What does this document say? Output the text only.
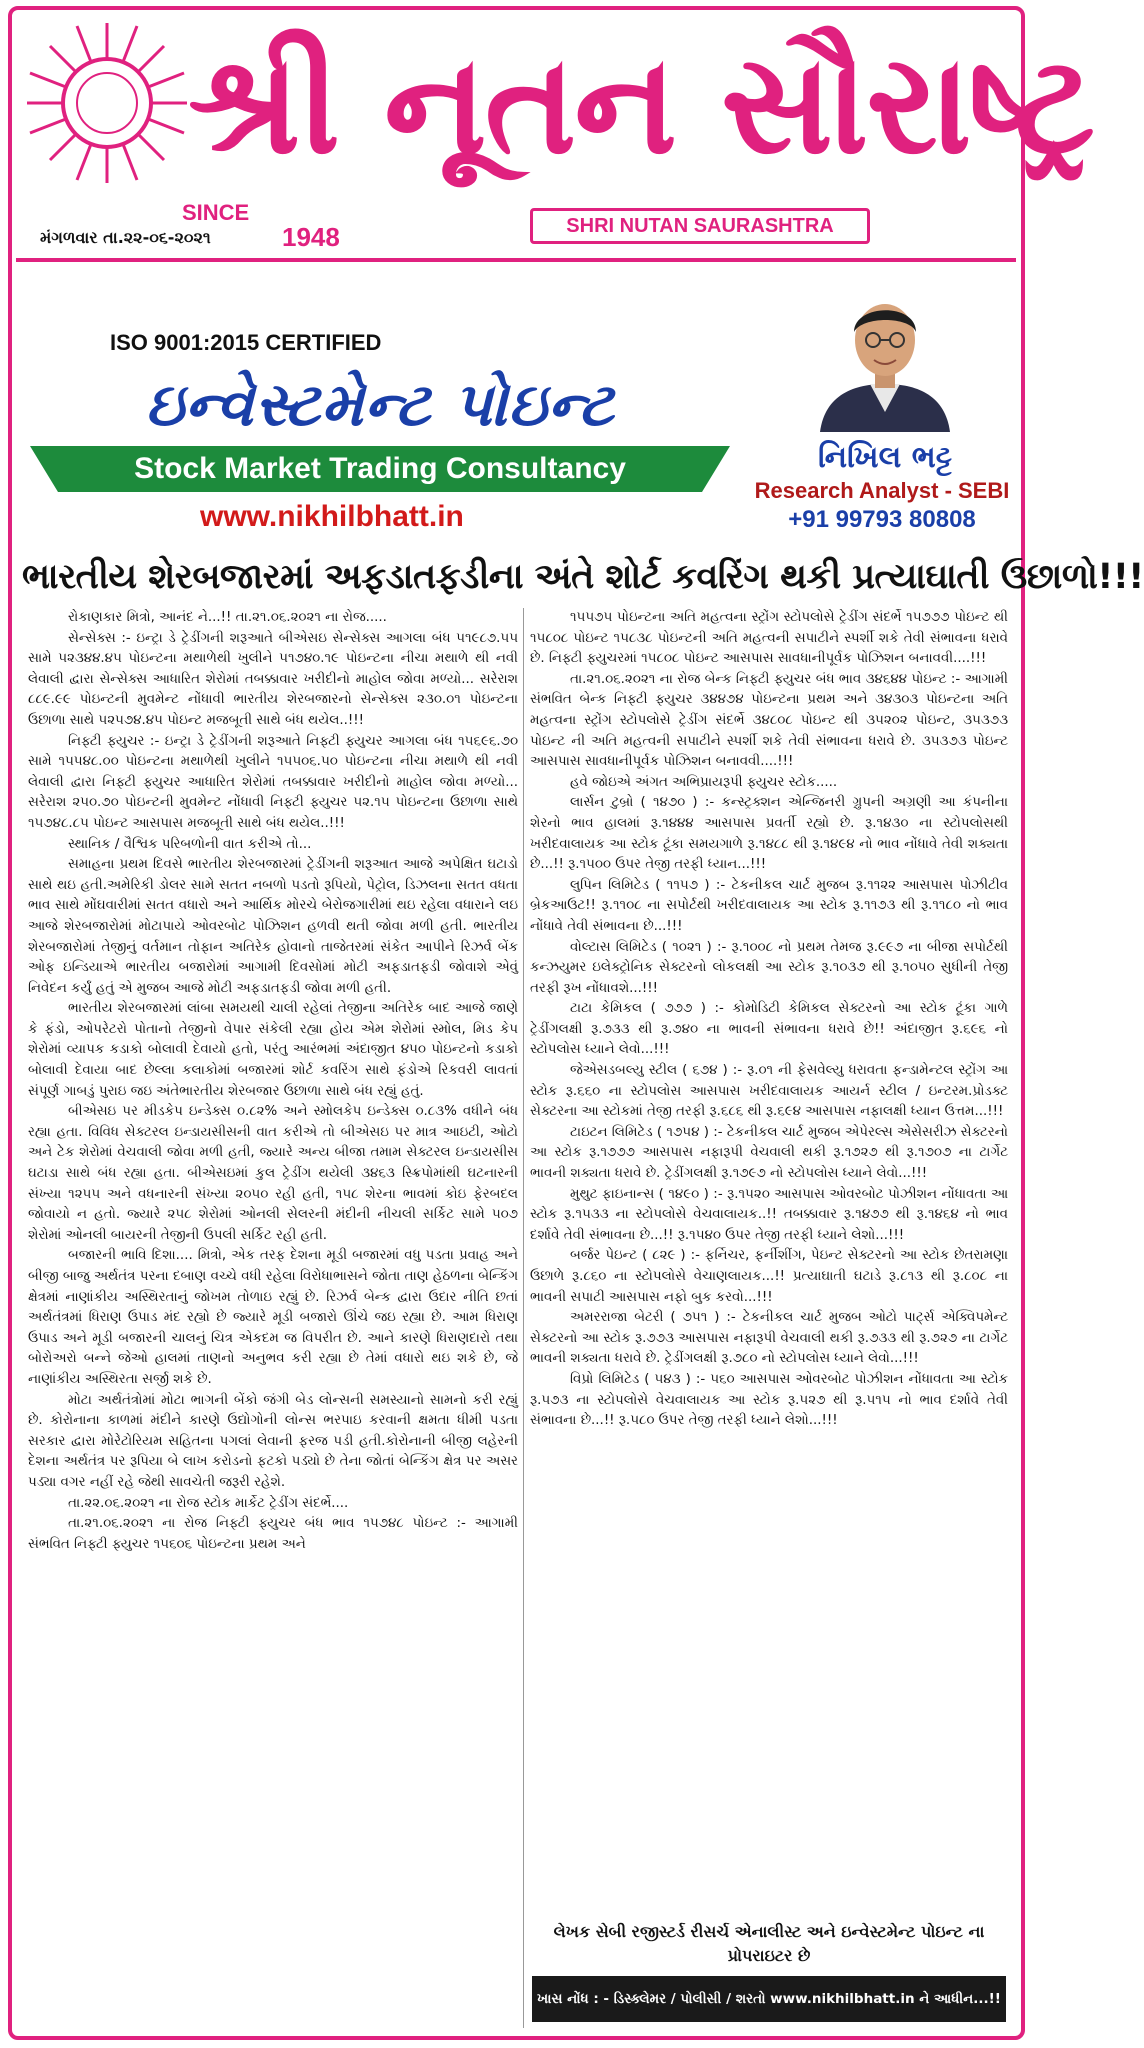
શ્રી નૂતન સૌરાષ્ટ્ર
SINCE
1948
મંગળવાર તા.૨૨-૦૬-૨૦૨૧
SHRI NUTAN SAURASHTRA
ISO 9001:2015 CERTIFIED
ઇન્વેસ્ટમેન્ટ પોઇન્ટ
Stock Market Trading Consultancy
www.nikhilbhatt.in
નિખિલ ભટ્ટ
Research Analyst - SEBI
+91 99793 80808
ભારતીય શેરબજારમાં અફડાતફડીના અંતે શોર્ટ કવરિંગ થકી પ્રત્યાઘાતી ઉછાળો!!!

રોકાણકાર મિત્રો, આનંદ ને...!! તા.૨૧.૦૬.૨૦૨૧ ના રોજ.....

સેન્સેક્સ :- ઇન્ટ્રા ડે ટ્રેડીંગની શરૂઆતે બીએસઇ સેન્સેક્સ આગલા બંધ ૫૧૯૮૭.૫૫ સામે ૫૨૩૪૪.૪૫ પોઇન્ટના મથાળેથી ખુલીને ૫૧૭૪૦.૧૯ પોઇન્ટના નીચા મથાળે થી નવી લેવાલી દ્વારા સેન્સેક્સ આધારિત શેરોમાં તબક્કાવાર ખરીદીનો માહોલ જોવા મળ્યો... સરેરાશ ૮૮૯.૯૯ પોઇન્ટની મુવમેન્ટ નોંધાવી ભારતીય શેરબજારનો સેન્સેક્સ ૨૩૦.૦૧ પોઇન્ટના ઉછાળા સાથે ૫૨૫૭૪.૪૫ પોઇન્ટ મજબૂતી સાથે બંધ થયેલ..!!!

નિફ્ટી ફ્યુચર :- ઇન્ટ્રા ડે ટ્રેડીંગની શરૂઆતે નિફ્ટી ફ્યુચર આગલા બંધ ૧૫૬૯૬.૭૦ સામે ૧૫૫૪૮.૦૦ પોઇન્ટના મથાળેથી ખુલીને ૧૫૫૦૬.૫૦ પોઇન્ટના નીચા મથાળે થી નવી લેવાલી દ્વારા નિફ્ટી ફ્યુચર આધારિત શેરોમાં તબક્કાવાર ખરીદીનો માહોલ જોવા મળ્યો... સરેરાશ ૨૫૦.૭૦ પોઇન્ટની મુવમેન્ટ નોંધાવી નિફ્ટી ફ્યુચર ૫૨.૧૫ પોઇન્ટના ઉછાળા સાથે ૧૫૭૪૮.૮૫ પોઇન્ટ આસપાસ મજબૂતી સાથે બંધ થયેલ..!!!

સ્થાનિક / વૈશ્વિક પરિબળોની વાત કરીએ તો...

સમાહના પ્રથમ દિવસે ભારતીય શેરબજારમાં ટ્રેડીંગની શરૂઆત આજે અપેક્ષિત ઘટાડો સાથે થઇ હતી.અમેરિકી ડોલર સામે સતત નબળો પડતો રૂપિયો, પેટ્રોલ, ડિઝલના સતત વધતા ભાવ સાથે મોંઘવારીમાં સતત વધારો અને આર્થિક મોરચે બેરોજગારીમાં થઇ રહેલા વધારાને લઇ આજે શેરબજારોમાં મોટાપાયે ઓવરબોટ પોઝિશન હળવી થતી જોવા મળી હતી. ભારતીય શેરબજારોમાં તેજીનું વર્તમાન તોફાન અતિરેક હોવાનો તાજેતરમાં સંકેત આપીને રિઝર્વ બેંક ઓફ ઇન્ડિયાએ ભારતીય બજારોમાં આગામી દિવસોમાં મોટી અફડાતફડી જોવાશે એવું નિવેદન કર્યું હતું એ મુજબ આજે મોટી અફડાતફડી જોવા મળી હતી.

ભારતીય શેરબજારમાં લાંબા સમયથી ચાલી રહેલાં તેજીના અતિરેક બાદ આજે જાણે કે ફંડો, ઓપરેટરો પોતાનો તેજીનો વેપાર સંકેલી રહ્યા હોય એમ શેરોમાં સ્મોલ, મિડ કેપ શેરોમાં વ્યાપક કડાકો બોલાવી દેવાયો હતો, પરંતુ આરંભમાં અંદાજીત ૪૫૦ પોઇન્ટનો કડાકો બોલાવી દેવાયા બાદ છેલ્લા કલાકોમાં બજારમાં શોર્ટ કવરિંગ સાથે ફંડોએ રિકવરી લાવતાં સંપૂર્ણ ગાબડું પુરાઇ જઇ અંતેભારતીય શેરબજાર ઉછાળા સાથે બંધ રહ્યું હતું.

બીએસઇ પર મીડકેપ ઇન્ડેક્સ ૦.૮૨% અને સ્મોલકેપ ઇન્ડેક્સ ૦.૮૩% વધીને બંધ રહ્યા હતા. વિવિધ સેક્ટરલ ઇન્ડાયસીસની વાત કરીએ તો બીએસઇ પર માત્ર આઇટી, ઓટો અને ટેક શેરોમાં વેચવાલી જોવા મળી હતી, જ્યારે અન્ય બીજા તમામ સેક્ટરલ ઇન્ડાયસીસ ઘટાડા સાથે બંધ રહ્યા હતા. બીએસઇમાં કુલ ટ્રેડીંગ થયેલી ૩૪૬૩ સ્ક્રિપોમાંથી ઘટનારની સંખ્યા ૧૨૫૫ અને વધનારની સંખ્યા ૨૦૫૦ રહી હતી, ૧૫૮ શેરના ભાવમાં કોઇ ફેરબદલ જોવાયો ન હતો. જ્યારે ૨૫૮ શેરોમાં ઓનલી સેલરની મંદીની નીચલી સર્કિટ સામે ૫૦૭ શેરોમાં ઓનલી બાયરની તેજીની ઉપલી સર્કિટ રહી હતી.

બજારની ભાવિ દિશા.... મિત્રો, એક તરફ દેશના મૂડી બજારમાં વધુ પડતા પ્રવાહ અને બીજી બાજુ અર્થતંત્ર પરના દબાણ વચ્ચે વધી રહેલા વિરોધાભાસને જોતા તાણ હેઠળના બેન્કિંગ ક્ષેત્રમાં નાણાંકીય અસ્થિરતાનું જોખમ તોળાઇ રહ્યું છે. રિઝર્વ બેન્ક દ્વારા ઉદાર નીતિ છતાં અર્થતંત્રમાં ધિરાણ ઉપાડ મંદ રહ્યો છે જ્યારે મૂડી બજારો ઊંચે જઇ રહ્યા છે. આમ ધિરાણ ઉપાડ અને મૂડી બજારની ચાલનું ચિત્ર એકદમ જ વિપરીત છે. આને કારણે ધિરાણદારો તથા બોરોઅરો બન્ને જેઓ હાલમાં તાણનો અનુભવ કરી રહ્યા છે તેમાં વધારો થઇ શકે છે, જે નાણાંકીય અસ્થિરતા સર્જી શકે છે.

મોટા અર્થતંત્રોમાં મોટા ભાગની બેંકો જંગી બેડ લોન્સની સમસ્યાનો સામનો કરી રહ્યું છે. કોરોનાના કાળમાં મંદીને કારણે ઉદ્યોગોની લોન્સ ભરપાઇ કરવાની ક્ષમતા ધીમી પડતા સરકાર દ્વારા મોરેટોરિયમ સહિતના પગલાં લેવાની ફરજ પડી હતી.કોરોનાની બીજી લહેરની દેશના અર્થતંત્ર પર રૂપિયા બે લાખ કરોડનો ફટકો પડ્યો છે તેના જોતાં બેન્કિંગ ક્ષેત્ર પર અસર પડ્યા વગર નહીં રહે જેથી સાવચેતી જરૂરી રહેશે.

તા.૨૨.૦૬.૨૦૨૧ ના રોજ સ્ટોક માર્કેટ ટ્રેડીંગ સંદર્ભે....

તા.૨૧.૦૬.૨૦૨૧ ના રોજ નિફ્ટી ફ્યુચર બંધ ભાવ ૧૫૭૪૮ પોઇન્ટ :- આગામી સંભવિત નિફ્ટી ફ્યુચર ૧૫૬૦૬ પોઇન્ટના પ્રથમ અને

૧૫૫૭૫ પોઇન્ટના અતિ મહત્વના સ્ટ્રોંગ સ્ટોપલોસે ટ્રેડીંગ સંદર્ભે ૧૫૭૭૭ પોઇન્ટ થી ૧૫૮૦૮ પોઇન્ટ ૧૫૮૩૮ પોઇન્ટની અતિ મહત્વની સપાટીને સ્પર્શી શકે તેવી સંભાવના ધરાવે છે. નિફ્ટી ફ્યુચરમાં ૧૫૮૦૮ પોઇન્ટ આસપાસ સાવધાનીપૂર્વક પોઝિશન બનાવવી....!!!

તા.૨૧.૦૬.૨૦૨૧ ના રોજ બેન્ક નિફ્ટી ફ્યુચર બંધ ભાવ ૩૪૬૪૪ પોઇન્ટ :- આગામી સંભવિત બેન્ક નિફ્ટી ફ્યુચર ૩૪૪૭૪ પોઇન્ટના પ્રથમ અને ૩૪૩૦૩ પોઇન્ટના અતિ મહત્વના સ્ટ્રોંગ સ્ટોપલોસે ટ્રેડીંગ સંદર્ભે ૩૪૮૦૮ પોઇન્ટ થી ૩૫૨૦૨ પોઇન્ટ, ૩૫૩૭૩ પોઇન્ટ ની અતિ મહત્વની સપાટીને સ્પર્શી શકે તેવી સંભાવના ધરાવે છે. ૩૫૩૭૩ પોઇન્ટ આસપાસ સાવધાનીપૂર્વક પોઝિશન બનાવવી....!!!

હવે જોઇએ અંગત અભિપ્રાયરૂપી ફ્યુચર સ્ટોક.....

લાર્સન ટુબ્રો ( ૧૪૭૦ ) :- કન્સ્ટ્રક્શન એન્જિનરી ગ્રુપની અગ્રણી આ કંપનીના શેરનો ભાવ હાલમાં રૂ.૧૪૪૪ આસપાસ પ્રવર્તી રહ્યો છે. રૂ.૧૪૩૦ ના સ્ટોપલોસથી ખરીદવાલાયક આ સ્ટોક ટૂંકા સમયગાળે રૂ.૧૪૮૮ થી રૂ.૧૪૯૪ નો ભાવ નોંધાવે તેવી શક્યતા છે...!! રૂ.૧૫૦૦ ઉપર તેજી તરફી ધ્યાન...!!!

લુપિન લિમિટેડ ( ૧૧૫૭ ) :- ટેકનીકલ ચાર્ટ મુજબ રૂ.૧૧૨૨ આસપાસ પોઝીટીવ બ્રેકઆઉટ!! રૂ.૧૧૦૮ ના સપોર્ટથી ખરીદવાલાયક આ સ્ટોક રૂ.૧૧૭૩ થી રૂ.૧૧૮૦ નો ભાવ નોંધાવે તેવી સંભાવના છે...!!!

વોલ્ટાસ લિમિટેડ ( ૧૦૨૧ ) :- રૂ.૧૦૦૮ નો પ્રથમ તેમજ રૂ.૯૯૭ ના બીજા સપોર્ટથી કન્ઝયુમર ઇલેક્ટ્રોનિક સેક્ટરનો લોકલક્ષી આ સ્ટોક રૂ.૧૦૩૭ થી રૂ.૧૦૫૦ સુધીની તેજી તરફી રૂખ નોંધાવશે...!!!

ટાટા કેમિકલ ( ૭૭૭ ) :- કોમોડિટી કેમિકલ સેક્ટરનો આ સ્ટોક ટૂંકા ગાળે ટ્રેડીંગલક્ષી રૂ.૭૩૩ થી રૂ.૭૪૦ ના ભાવની સંભાવના ધરાવે છે!! અંદાજીત રૂ.૬૯૬ નો સ્ટોપલોસ ધ્યાને લેવો...!!!

જેએસડબલ્યુ સ્ટીલ ( ૬૭૪ ) :- રૂ.૦૧ ની ફેસવેલ્યુ ધરાવતા ફન્ડામેન્ટલ સ્ટ્રોંગ આ સ્ટોક રૂ.૬૬૦ ના સ્ટોપલોસ આસપાસ ખરીદવાલાયક આયર્ન સ્ટીલ / ઇન્ટરમ.પ્રોડક્ટ સેક્ટરના આ સ્ટોકમાં તેજી તરફી રૂ.૬૮૬ થી રૂ.૬૯૪ આસપાસ નફાલક્ષી ધ્યાન ઉત્તમ...!!!

ટાઇટન લિમિટેડ ( ૧૭૫૪ ) :- ટેકનીકલ ચાર્ટ મુજબ એપેરલ્સ એસેસરીઝ સેક્ટરનો આ સ્ટોક રૂ.૧૭૭૭ આસપાસ નફારૂપી વેચવાલી થકી રૂ.૧૭૨૭ થી રૂ.૧૭૦૭ ના ટાર્ગેટ ભાવની શક્યતા ધરાવે છે. ટ્રેડીંગલક્ષી રૂ.૧૭૯૭ નો સ્ટોપલોસ ધ્યાને લેવો...!!!

મુથુટ ફાઇનાન્સ ( ૧૪૯૦ ) :- રૂ.૧૫૨૦ આસપાસ ઓવરબોટ પોઝીશન નોંધાવતા આ સ્ટોક રૂ.૧૫૩૩ ના સ્ટોપલોસે વેચવાલાયક..!! તબક્કાવાર રૂ.૧૪૭૭ થી રૂ.૧૪૬૪ નો ભાવ દર્શાવે તેવી સંભાવના છે...!! રૂ.૧૫૪૦ ઉપર તેજી તરફી ધ્યાને લેશો...!!!

બર્જર પેઇન્ટ ( ૮૨૯ ) :- ફર્નિચર, ફર્નીશીંગ, પેઇન્ટ સેક્ટરનો આ સ્ટોક છેતરામણા ઉછાળે રૂ.૮૬૦ ના સ્ટોપલોસે વેચાણલાયક...!! પ્રત્યાઘાતી ઘટાડે રૂ.૮૧૩ થી રૂ.૮૦૮ ના ભાવની સપાટી આસપાસ નફો બુક કરવો...!!!

અમરરાજા બેટરી ( ૭૫૧ ) :- ટેકનીકલ ચાર્ટ મુજબ ઓટો પાર્ટ્સ એક્વિપમેન્ટ સેક્ટરનો આ સ્ટોક રૂ.૭૭૩ આસપાસ નફારૂપી વેચવાલી થકી રૂ.૭૩૩ થી રૂ.૭૨૭ ના ટાર્ગેટ ભાવની શક્યતા ધરાવે છે. ટ્રેડીંગલક્ષી રૂ.૭૮૦ નો સ્ટોપલોસ ધ્યાને લેવો...!!!

વિપ્રો લિમિટેડ ( ૫૪૩ ) :- ૫૬૦ આસપાસ ઓવરબોટ પોઝીશન નોંધાવતા આ સ્ટોક રૂ.૫૭૩ ના સ્ટોપલોસે વેચવાલાયક આ સ્ટોક રૂ.૫૨૭ થી રૂ.૫૧૫ નો ભાવ દર્શાવે તેવી સંભાવના છે...!! રૂ.૫૮૦ ઉપર તેજી તરફી ધ્યાને લેશો...!!!

લેખક સેબી રજીસ્ટર્ડ રીસર્ચ એનાલીસ્ટ અને ઇન્વેસ્ટમેન્ટ પોઇન્ટ ના પ્રોપરાઇટર છે
ખાસ નોંધ : - ડિસ્ક્લેમર / પોલીસી / શરતો www.nikhilbhatt.in ને આધીન...!!
